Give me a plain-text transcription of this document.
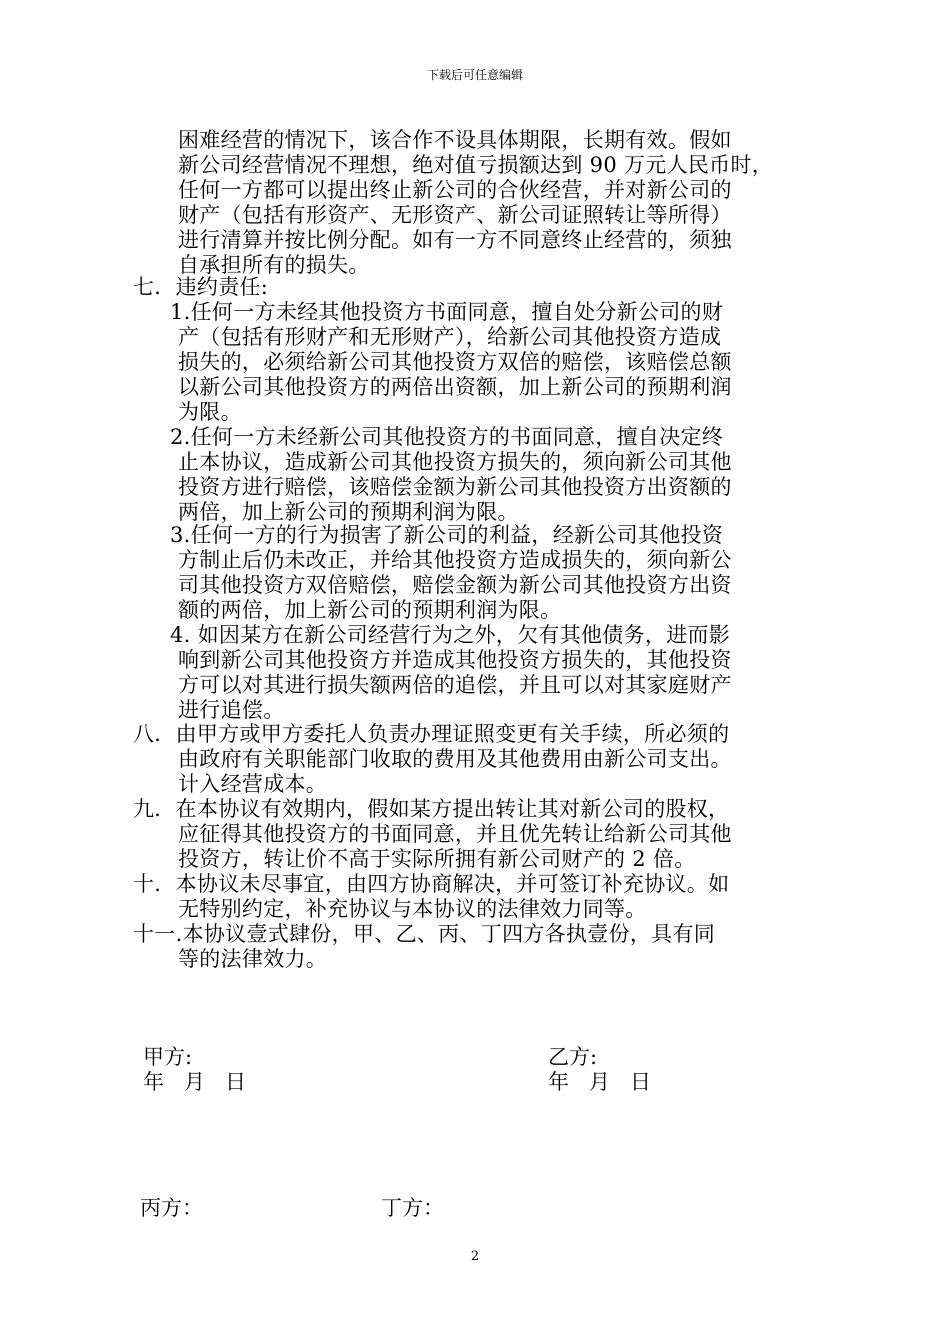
下载后可任意编辑
困难经营的情况下，该合作不设具体期限，长期有效。假如
新公司经营情况不理想，绝对值亏损额达到 90 万元人民币时，
任何一方都可以提出终止新公司的合伙经营，并对新公司的
财产（包括有形资产、无形资产、新公司证照转让等所得）
进行清算并按比例分配。如有一方不同意终止经营的，须独
自承担所有的损失。
七．违约责任:
1.任何一方未经其他投资方书面同意，擅自处分新公司的财
产（包括有形财产和无形财产），给新公司其他投资方造成
损失的，必须给新公司其他投资方双倍的赔偿，该赔偿总额
以新公司其他投资方的两倍出资额，加上新公司的预期利润
为限。
2.任何一方未经新公司其他投资方的书面同意，擅自决定终
止本协议，造成新公司其他投资方损失的，须向新公司其他
投资方进行赔偿，该赔偿金额为新公司其他投资方出资额的
两倍，加上新公司的预期利润为限。
3.任何一方的行为损害了新公司的利益，经新公司其他投资
方制止后仍未改正，并给其他投资方造成损失的，须向新公
司其他投资方双倍赔偿，赔偿金额为新公司其他投资方出资
额的两倍，加上新公司的预期利润为限。
4. 如因某方在新公司经营行为之外，欠有其他债务，进而影
响到新公司其他投资方并造成其他投资方损失的，其他投资
方可以对其进行损失额两倍的追偿，并且可以对其家庭财产
进行追偿。
八．由甲方或甲方委托人负责办理证照变更有关手续，所必须的
由政府有关职能部门收取的费用及其他费用由新公司支出。
计入经营成本。
九．在本协议有效期内，假如某方提出转让其对新公司的股权，
应征得其他投资方的书面同意，并且优先转让给新公司其他
投资方，转让价不高于实际所拥有新公司财产的 2 倍。
十．本协议未尽事宜，由四方协商解决，并可签订补充协议。如
无特别约定，补充协议与本协议的法律效力同等。
十一.本协议壹式肆份，甲、乙、丙、丁四方各执壹份，具有同
等的法律效力。
甲方:
年   月   日
乙方:
年   月   日
丙方：	丁方：
2
